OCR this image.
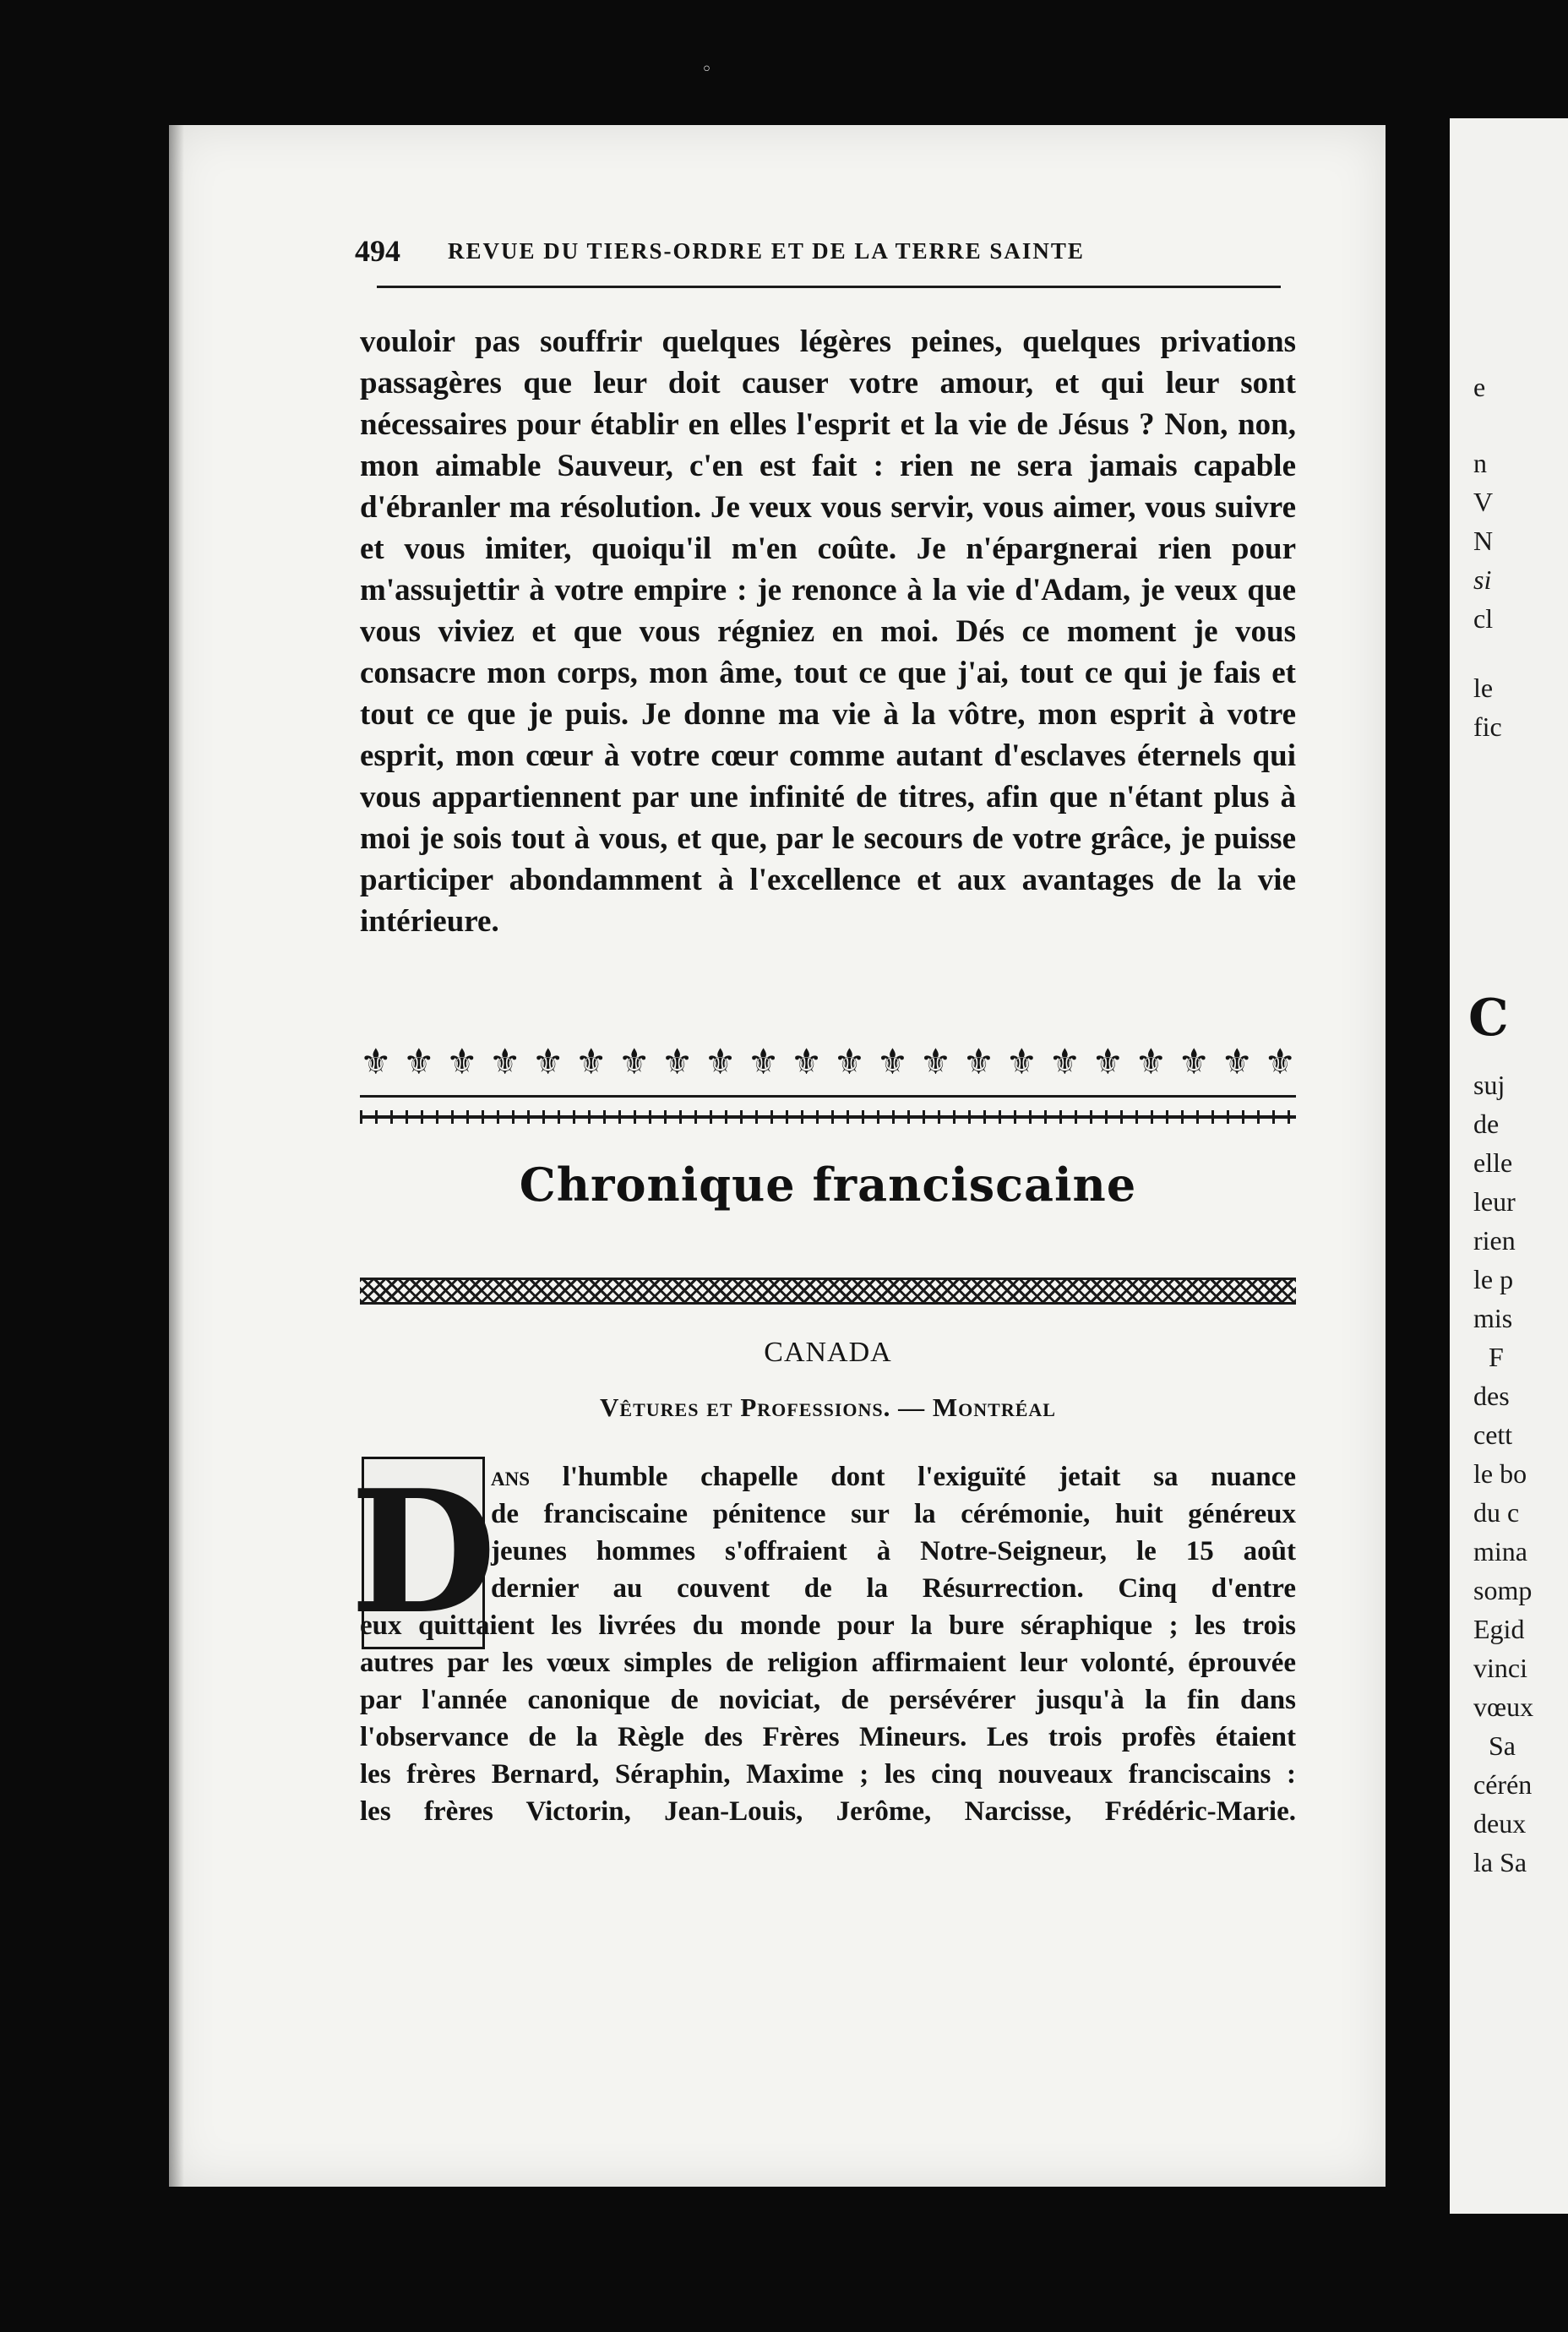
e
n
V
N
si
cl
le
fic
C
suj
de
elle
leur
rien
le p
mis
F
des
cett
le bo
du c
mina
somp
Egid
vinci
vœux
Sa
cérén
deux
la Sa
494 REVUE DU TIERS-ORDRE ET DE LA TERRE SAINTE

vouloir pas souffrir quelques légères peines, quelques privations passagères que leur doit causer votre amour, et qui leur sont nécessaires pour établir en elles l'esprit et la vie de Jésus ? Non, non, mon aimable Sauveur, c'en est fait : rien ne sera jamais capable d'ébranler ma résolution. Je veux vous servir, vous aimer, vous suivre et vous imiter, quoiqu'il m'en coûte. Je n'épargnerai rien pour m'assujettir à votre empire : je renonce à la vie d'Adam, je veux que vous viviez et que vous régniez en moi. Dés ce moment je vous consacre mon corps, mon âme, tout ce que j'ai, tout ce qui je fais et tout ce que je puis. Je donne ma vie à la vôtre, mon esprit à votre esprit, mon cœur à votre cœur comme autant d'esclaves éternels qui vous appartiennent par une infinité de titres, afin que n'étant plus à moi je sois tout à vous, et que, par le secours de votre grâce, je puisse participer abondamment à l'excellence et aux avantages de la vie intérieure.

⚜ ⚜ ⚜ ⚜ ⚜ ⚜ ⚜ ⚜ ⚜ ⚜ ⚜ ⚜ ⚜ ⚜ ⚜ ⚜ ⚜ ⚜ ⚜ ⚜ ⚜ ⚜
Chronique franciscaine
CANADA
Vêtures et Professions. — Montréal
D
ans l'humble chapelle dont l'exiguïté jetait sa nuance
de franciscaine pénitence sur la cérémonie, huit généreux
jeunes hommes s'offraient à Notre-Seigneur, le 15 août
dernier au couvent de la Résurrection. Cinq d'entre
eux quittaient les livrées du monde pour la bure séraphique ; les trois
autres par les vœux simples de religion affirmaient leur volonté, éprouvée
par l'année canonique de noviciat, de persévérer jusqu'à la fin dans
l'observance de la Règle des Frères Mineurs. Les trois profès étaient
les frères Bernard, Séraphin, Maxime ; les cinq nouveaux franciscains :
les frères Victorin, Jean-Louis, Jerôme, Narcisse, Frédéric-Marie.
◦
